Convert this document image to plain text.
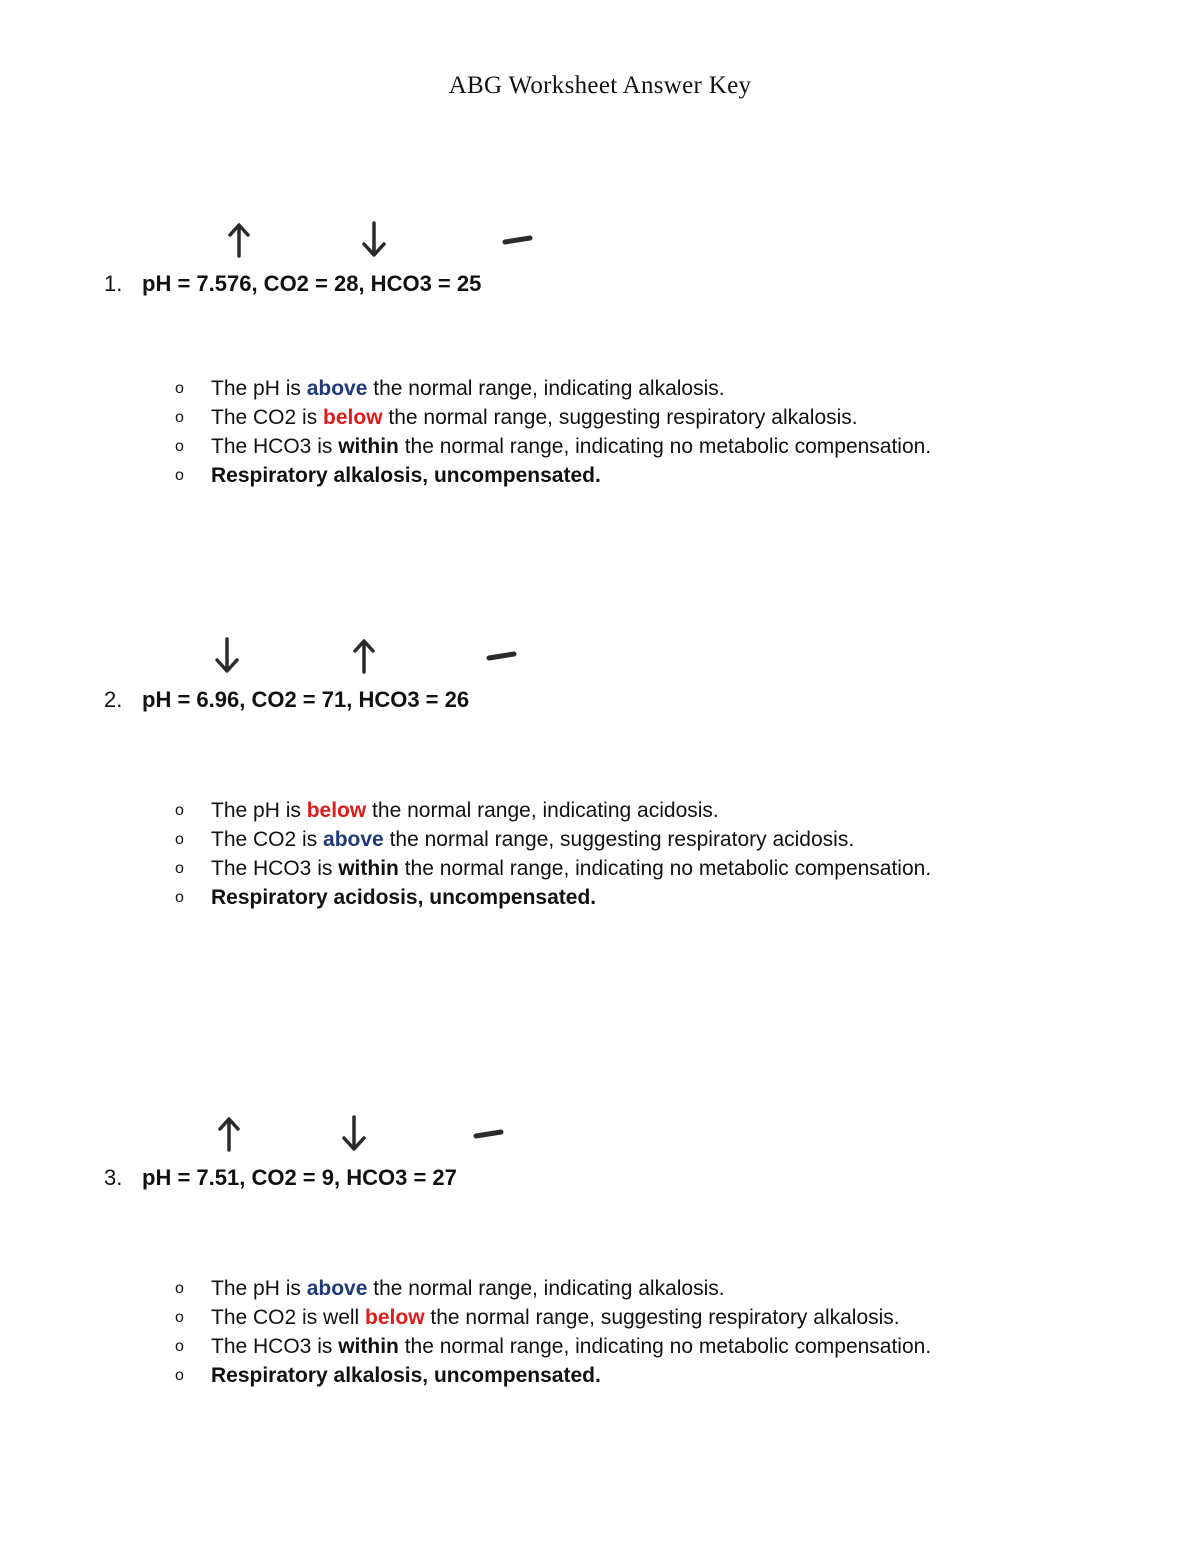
ABG Worksheet Answer Key
1. pH = 7.576, CO2 = 28, HCO3 = 25
o The pH is above the normal range, indicating alkalosis.
o The CO2 is below the normal range, suggesting respiratory alkalosis.
o The HCO3 is within the normal range, indicating no metabolic compensation.
o Respiratory alkalosis, uncompensated.
2. pH = 6.96, CO2 = 71, HCO3 = 26
o The pH is below the normal range, indicating acidosis.
o The CO2 is above the normal range, suggesting respiratory acidosis.
o The HCO3 is within the normal range, indicating no metabolic compensation.
o Respiratory acidosis, uncompensated.
3. pH = 7.51, CO2 = 9, HCO3 = 27
o The pH is above the normal range, indicating alkalosis.
o The CO2 is well below the normal range, suggesting respiratory alkalosis.
o The HCO3 is within the normal range, indicating no metabolic compensation.
o Respiratory alkalosis, uncompensated.
